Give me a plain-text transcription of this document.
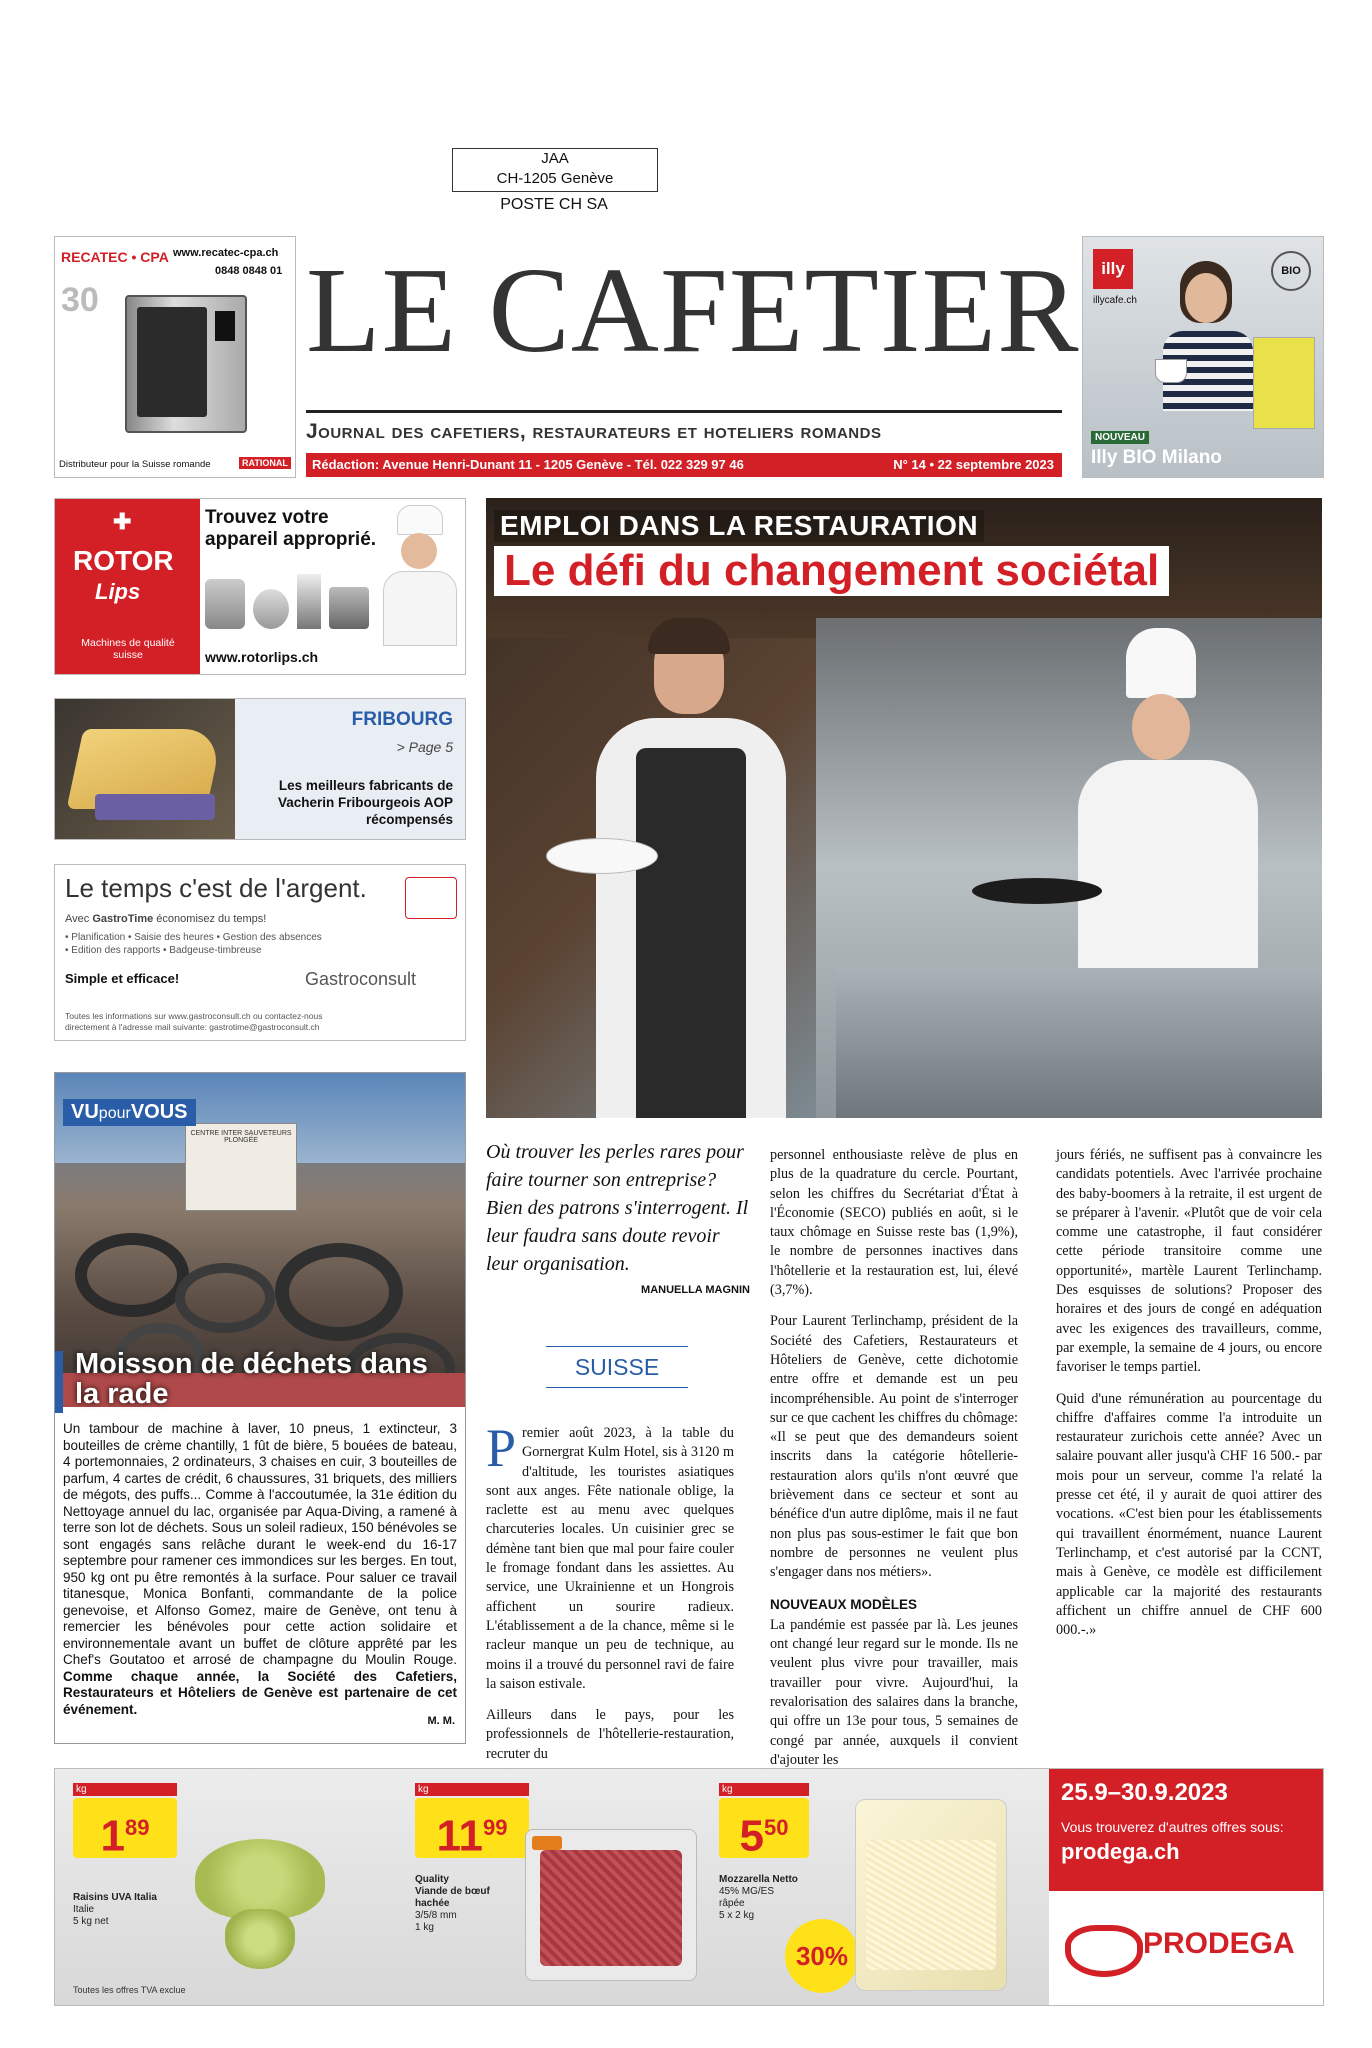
JAA
CH-1205 Genève
POSTE CH SA
RECATEC • CPA www.recatec-cpa.ch
0848 0848 01
30
Distributeur pour la Suisse romande	RATIONAL
LE CAFETIER
Journal des cafetiers, restaurateurs et hoteliers romands
Rédaction: Avenue Henri-Dunant 11 - 1205 Genève - Tél. 022 329 97 46	N° 14 • 22 septembre 2023
illy
illycafe.ch
BIO
NOUVEAU
Illy BIO Milano
✚
ROTOR
Lips
Machines de qualité suisse
Trouvez votre appareil approprié.
www.rotorlips.ch
FRIBOURG
> Page 5
Les meilleurs fabricants de Vacherin Fribourgeois AOP récompensés
Le temps c'est de l'argent.
Avec GastroTime économisez du temps!
• Planification • Saisie des heures • Gestion des absences
• Edition des rapports • Badgeuse-timbreuse
Simple et efficace!	Gastroconsult
Toutes les informations sur www.gastroconsult.ch ou contactez-nous
directement à l'adresse mail suivante: gastrotime@gastroconsult.ch
CENTRE INTER SAUVETEURS PLONGÉE
VUpourVOUS
Moisson de déchets dans la rade
Un tambour de machine à laver, 10 pneus, 1 extincteur, 3 bouteilles de crème chantilly, 1 fût de bière, 5 bouées de bateau, 4 portemonnaies, 2 ordinateurs, 3 chaises en cuir, 3 bouteilles de parfum, 4 cartes de crédit, 6 chaussures, 31 briquets, des milliers de mégots, des puffs... Comme à l'accoutumée, la 31e édition du Nettoyage annuel du lac, organisée par Aqua-Diving, a ramené à terre son lot de déchets. Sous un soleil radieux, 150 bénévoles se sont engagés sans relâche durant le week-end du 16-17 septembre pour ramener ces immondices sur les berges. En tout, 950 kg ont pu être remontés à la surface. Pour saluer ce travail titanesque, Monica Bonfanti, commandante de la police genevoise, et Alfonso Gomez, maire de Genève, ont tenu à remercier les bénévoles pour cette action solidaire et environnementale avant un buffet de clôture apprêté par les Chef's Goutatoo et arrosé de champagne du Moulin Rouge. Comme chaque année, la Société des Cafetiers, Restaurateurs et Hôteliers de Genève est partenaire de cet événement.
M. M.
EMPLOI DANS LA RESTAURATION
Le défi du changement sociétal
Où trouver les perles rares pour faire tourner son entreprise? Bien des patrons s'interrogent. Il leur faudra sans doute revoir leur organisation.
MANUELLA MAGNIN
SUISSE

Premier août 2023, à la table du Gornergrat Kulm Hotel, sis à 3120 m d'altitude, les touristes asiatiques sont aux anges. Fête nationale oblige, la raclette est au menu avec quelques charcuteries locales. Un cuisinier grec se démène tant bien que mal pour faire couler le fromage fondant dans les assiettes. Au service, une Ukrainienne et un Hongrois affichent un sourire radieux. L'établissement a de la chance, même si le racleur manque un peu de technique, au moins il a trouvé du personnel ravi de faire la saison estivale.

Ailleurs dans le pays, pour les professionnels de l'hôtellerie-restauration, recruter du

personnel enthousiaste relève de plus en plus de la quadrature du cercle. Pourtant, selon les chiffres du Secrétariat d'État à l'Économie (SECO) publiés en août, si le taux chômage en Suisse reste bas (1,9%), le nombre de personnes inactives dans l'hôtellerie et la restauration est, lui, élevé (3,7%).

Pour Laurent Terlinchamp, président de la Société des Cafetiers, Restaurateurs et Hôteliers de Genève, cette dichotomie entre offre et demande est un peu incompréhensible. Au point de s'interroger sur ce que cachent les chiffres du chômage: «Il se peut que des demandeurs soient inscrits dans la catégorie hôtellerie-restauration alors qu'ils n'ont œuvré que brièvement dans ce secteur et sont au bénéfice d'un autre diplôme, mais il ne faut non plus pas sous-estimer le fait que bon nombre de personnes ne veulent plus s'engager dans nos métiers».

NOUVEAUX MODÈLES

La pandémie est passée par là. Les jeunes ont changé leur regard sur le monde. Ils ne veulent plus vivre pour travailler, mais travailler pour vivre. Aujourd'hui, la revalorisation des salaires dans la branche, qui offre un 13e pour tous, 5 semaines de congé par année, auxquels il convient d'ajouter les

jours fériés, ne suffisent pas à convaincre les candidats potentiels. Avec l'arrivée prochaine des baby-boomers à la retraite, il est urgent de se préparer à l'avenir. «Plutôt que de voir cela comme une catastrophe, il faut considérer cette période transitoire comme une opportunité», martèle Laurent Terlinchamp. Des esquisses de solutions? Proposer des horaires et des jours de congé en adéquation avec les exigences des travailleurs, comme, par exemple, la semaine de 4 jours, ou encore favoriser le temps partiel.

Quid d'une rémunération au pourcentage du chiffre d'affaires comme l'a introduite un restaurateur zurichois cette année? Avec un salaire pouvant aller jusqu'à CHF 16 500.- par mois pour un serveur, comme l'a relaté la presse cet été, il y aurait de quoi attirer des vocations. «C'est bien pour les établissements qui travaillent énormément, nuance Laurent Terlinchamp, et c'est autorisé par la CCNT, mais à Genève, ce modèle est difficilement applicable car la majorité des restaurants affichent un chiffre annuel de CHF 600 000.-.»

kg
$1^{89}$
Raisins UVA Italia
Italie
5 kg net
Toutes les offres TVA exclue
kg
$11^{99}$
Quality
Viande de bœuf
hachée
3/5/8 mm
1 kg
kg
$5^{50}$
Mozzarella Netto
45% MG/ES
râpée
5 x 2 kg
30%
25.9–30.9.2023
Vous trouverez d'autres offres sous:
prodega.ch
PRODEGA
